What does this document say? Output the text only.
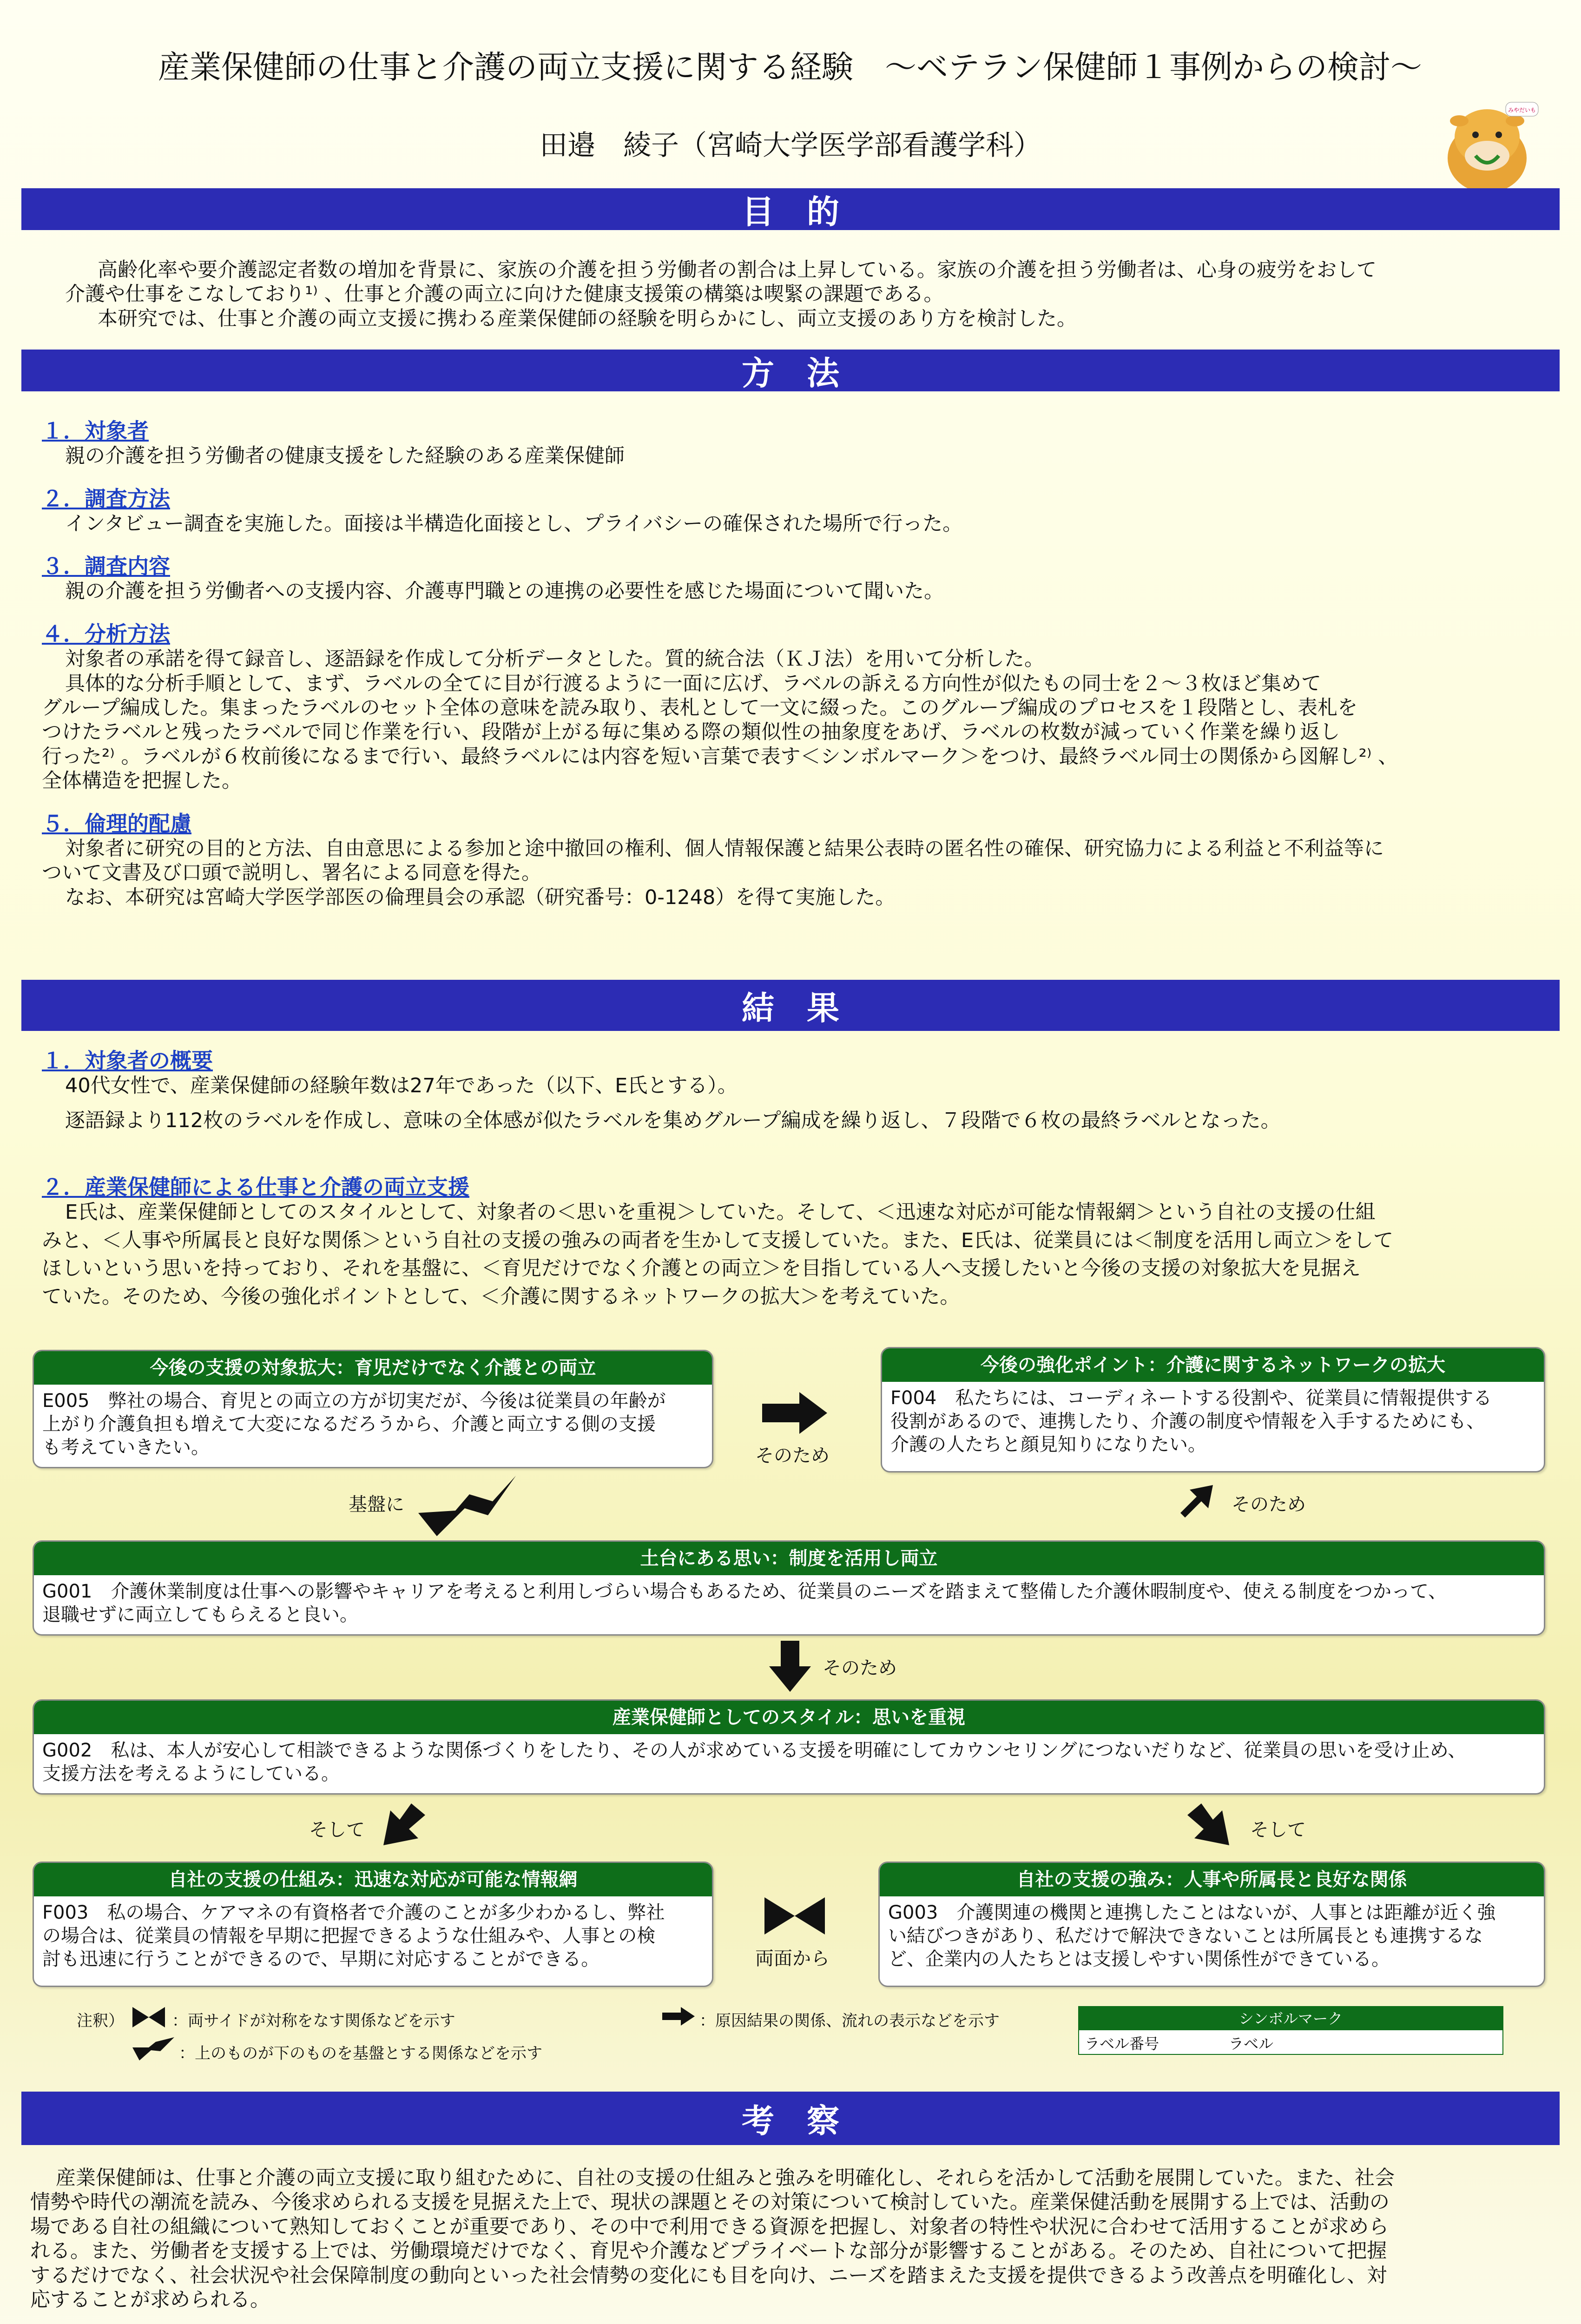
産業保健師の仕事と介護の両立支援に関する経験　～ベテラン保健師１事例からの検討～
田邉　綾子（宮崎大学医学部看護学科）
みやだいも
目的

高齢化率や要介護認定者数の増加を背景に、家族の介護を担う労働者の割合は上昇している。家族の介護を担う労働者は、心身の疲労をおして

介護や仕事をこなしており¹⁾ 、仕事と介護の両立に向けた健康支援策の構築は喫緊の課題である。

本研究では、仕事と介護の両立支援に携わる産業保健師の経験を明らかにし、両立支援のあり方を検討した。

方法
１．対象者
親の介護を担う労働者の健康支援をした経験のある産業保健師
２．調査方法
インタビュー調査を実施した。面接は半構造化面接とし、プライバシーの確保された場所で行った。
３．調査内容
親の介護を担う労働者への支援内容、介護専門職との連携の必要性を感じた場面について聞いた。
４．分析方法

対象者の承諾を得て録音し、逐語録を作成して分析データとした。質的統合法（ＫＪ法）を用いて分析した。

具体的な分析手順として、まず、ラベルの全てに目が行渡るように一面に広げ、ラベルの訴える方向性が似たもの同士を２～３枚ほど集めて

グループ編成した。集まったラベルのセット全体の意味を読み取り、表札として一文に綴った。このグループ編成のプロセスを１段階とし、表札を

つけたラベルと残ったラベルで同じ作業を行い、段階が上がる毎に集める際の類似性の抽象度をあげ、ラベルの枚数が減っていく作業を繰り返し

行った²⁾ 。ラベルが６枚前後になるまで行い、最終ラベルには内容を短い言葉で表す＜シンボルマーク＞をつけ、最終ラベル同士の関係から図解し²⁾ 、

全体構造を把握した。

５．倫理的配慮

対象者に研究の目的と方法、自由意思による参加と途中撤回の権利、個人情報保護と結果公表時の匿名性の確保、研究協力による利益と不利益等に

ついて文書及び口頭で説明し、署名による同意を得た。

なお、本研究は宮崎大学医学部医の倫理員会の承認（研究番号：0-1248）を得て実施した。

結果
１．対象者の概要

40代女性で、産業保健師の経験年数は27年であった（以下、E氏とする）。

逐語録より112枚のラベルを作成し、意味の全体感が似たラベルを集めグループ編成を繰り返し、７段階で６枚の最終ラベルとなった。

２．産業保健師による仕事と介護の両立支援

E氏は、産業保健師としてのスタイルとして、対象者の＜思いを重視＞していた。そして、＜迅速な対応が可能な情報網＞という自社の支援の仕組

みと、＜人事や所属長と良好な関係＞という自社の支援の強みの両者を生かして支援していた。また、E氏は、従業員には＜制度を活用し両立＞をして

ほしいという思いを持っており、それを基盤に、＜育児だけでなく介護との両立＞を目指している人へ支援したいと今後の支援の対象拡大を見据え

ていた。そのため、今後の強化ポイントとして、＜介護に関するネットワークの拡大＞を考えていた。

今後の支援の対象拡大：育児だけでなく介護との両立

E005　弊社の場合、育児との両立の方が切実だが、今後は従業員の年齢が

上がり介護負担も増えて大変になるだろうから、介護と両立する側の支援

も考えていきたい。

今後の強化ポイント：介護に関するネットワークの拡大

F004　私たちには、コーディネートする役割や、従業員に情報提供する

役割があるので、連携したり、介護の制度や情報を入手するためにも、

介護の人たちと顔見知りになりたい。

土台にある思い：制度を活用し両立

G001　介護休業制度は仕事への影響やキャリアを考えると利用しづらい場合もあるため、従業員のニーズを踏まえて整備した介護休暇制度や、使える制度をつかって、

退職せずに両立してもらえると良い。

産業保健師としてのスタイル：思いを重視

G002　私は、本人が安心して相談できるような関係づくりをしたり、その人が求めている支援を明確にしてカウンセリングにつないだりなど、従業員の思いを受け止め、

支援方法を考えるようにしている。

自社の支援の仕組み：迅速な対応が可能な情報網

F003　私の場合、ケアマネの有資格者で介護のことが多少わかるし、弊社

の場合は、従業員の情報を早期に把握できるような仕組みや、人事との検

討も迅速に行うことができるので、早期に対応することができる。

自社の支援の強み：人事や所属長と良好な関係

G003　介護関連の機関と連携したことはないが、人事とは距離が近く強

い結びつきがあり、私だけで解決できないことは所属長とも連携するな

ど、企業内の人たちとは支援しやすい関係性ができている。

そのため
基盤に	そのため
そのため
そして	そして
両面から
注釈）	：両サイドが対称をなす関係などを示す
：上のものが下のものを基盤とする関係などを示す
：原因結果の関係、流れの表示などを示す	シンボルマーク
ラベル番号	ラベル
考察

産業保健師は、仕事と介護の両立支援に取り組むために、自社の支援の仕組みと強みを明確化し、それらを活かして活動を展開していた。また、社会

情勢や時代の潮流を読み、今後求められる支援を見据えた上で、現状の課題とその対策について検討していた。産業保健活動を展開する上では、活動の

場である自社の組織について熟知しておくことが重要であり、その中で利用できる資源を把握し、対象者の特性や状況に合わせて活用することが求めら

れる。また、労働者を支援する上では、労働環境だけでなく、育児や介護などプライベートな部分が影響することがある。そのため、自社について把握

するだけでなく、社会状況や社会保障制度の動向といった社会情勢の変化にも目を向け、ニーズを踏まえた支援を提供できるよう改善点を明確化し、対

応することが求められる。
